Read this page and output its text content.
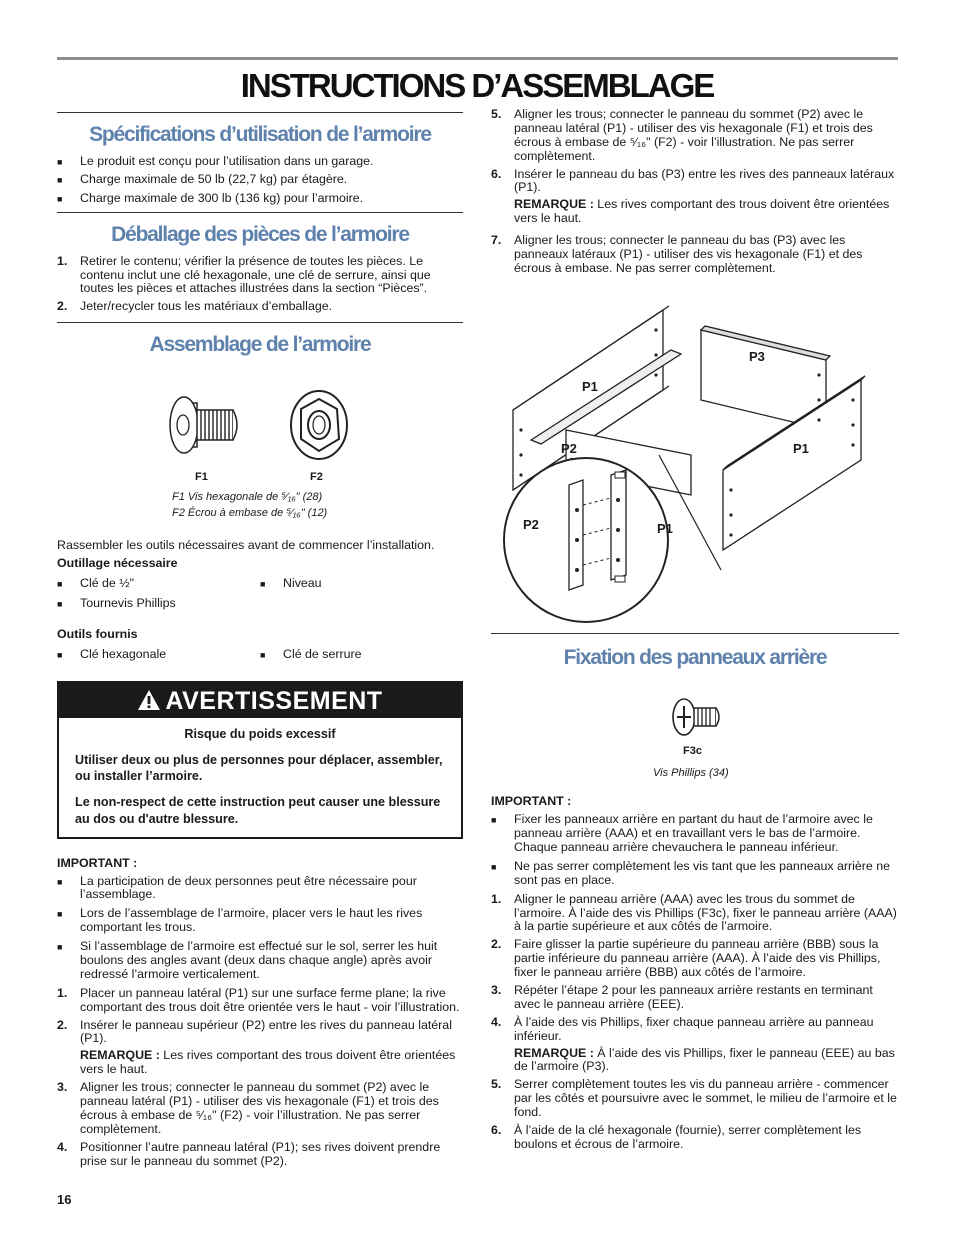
INSTRUCTIONS D’ASSEMBLAGE
Spécifications d’utilisation de l’armoire
■ Le produit est conçu pour l’utilisation dans un garage.
■ Charge maximale de 50 lb (22,7 kg) par étagère.
■ Charge maximale de 300 lb (136 kg) pour l’armoire.
Déballage des pièces de l’armoire
1. Retirer le contenu; vérifier la présence de toutes les pièces. Le contenu inclut une clé hexagonale, une clé de serrure, ainsi que toutes les pièces et attaches illustrées dans la section “Pièces”.
2. Jeter/recycler tous les matériaux d’emballage.
Assemblage de l’armoire
F1	F2
F1 Vis hexagonale de ⁵⁄₁₆" (28)
F2 Écrou à embase de ⁵⁄₁₆" (12)
Rassembler les outils nécessaires avant de commencer l’installation.
Outillage nécessaire
■ Clé de ½"
■ Tournevis Phillips
■ Niveau
Outils fournis
■ Clé hexagonale
■	Clé de serrure
AVERTISSEMENT

Risque du poids excessif

Utiliser deux ou plus de personnes pour déplacer, assembler, ou installer l’armoire.

Le non-respect de cette instruction peut causer une blessure au dos ou d'autre blessure.

IMPORTANT :
■ La participation de deux personnes peut être nécessaire pour l’assemblage.
■ Lors de l’assemblage de l’armoire, placer vers le haut les rives comportant les trous.
■ Si l’assemblage de l’armoire est effectué sur le sol, serrer les huit boulons des angles avant (deux dans chaque angle) après avoir redressé l’armoire verticalement.
1. Placer un panneau latéral (P1) sur une surface ferme plane; la rive comportant des trous doit être orientée vers le haut - voir l’illustration.
2. Insérer le panneau supérieur (P2) entre les rives du panneau latéral (P1).
REMARQUE : Les rives comportant des trous doivent être orientées vers le haut.
3. Aligner les trous; connecter le panneau du sommet (P2) avec le panneau latéral (P1) - utiliser des vis hexagonale (F1) et trois des écrous à embase de ⁵⁄₁₆" (F2) - voir l’illustration. Ne pas serrer complètement.
4. Positionner l’autre panneau latéral (P1); ses rives doivent prendre prise sur le panneau du sommet (P2).
5. Aligner les trous; connecter le panneau du sommet (P2) avec le panneau latéral (P1) - utiliser des vis hexagonale (F1) et trois des écrous à embase de ⁵⁄₁₆" (F2) - voir l’illustration. Ne pas serrer complètement.
6. Insérer le panneau du bas (P3) entre les rives des panneaux latéraux (P1).
REMARQUE : Les rives comportant des trous doivent être orientées vers le haut.
7. Aligner les trous; connecter le panneau du bas (P3) avec les panneaux latéraux (P1) - utiliser des vis hexagonale (F1) et des écrous à embase. Ne pas serrer complètement.
P3
P1
P1
P2
P2	P1
Fixation des panneaux arrière
F3c
Vis Phillips (34)
IMPORTANT :
■ Fixer les panneaux arrière en partant du haut de l’armoire avec le panneau arrière (AAA) et en travaillant vers le bas de l’armoire. Chaque panneau arrière chevauchera le panneau inférieur.
■ Ne pas serrer complètement les vis tant que les panneaux arrière ne sont pas en place.
1. Aligner le panneau arrière (AAA) avec les trous du sommet de l’armoire. À l’aide des vis Phillips (F3c), fixer le panneau arrière (AAA) à la partie supérieure et aux côtés de l’armoire.
2. Faire glisser la partie supérieure du panneau arrière (BBB) sous la partie inférieure du panneau arrière (AAA). À l’aide des vis Phillips, fixer le panneau arrière (BBB) aux côtés de l’armoire.
3. Répéter l’étape 2 pour les panneaux arrière restants en terminant avec le panneau arrière (EEE).
4. À l’aide des vis Phillips, fixer chaque panneau arrière au panneau inférieur.
REMARQUE : À l’aide des vis Phillips, fixer le panneau (EEE) au bas de l’armoire (P3).
5. Serrer complètement toutes les vis du panneau arrière - commencer par les côtés et poursuivre avec le sommet, le milieu de l’armoire et le fond.
6. À l’aide de la clé hexagonale (fournie), serrer complètement les boulons et écrous de l’armoire.
16
